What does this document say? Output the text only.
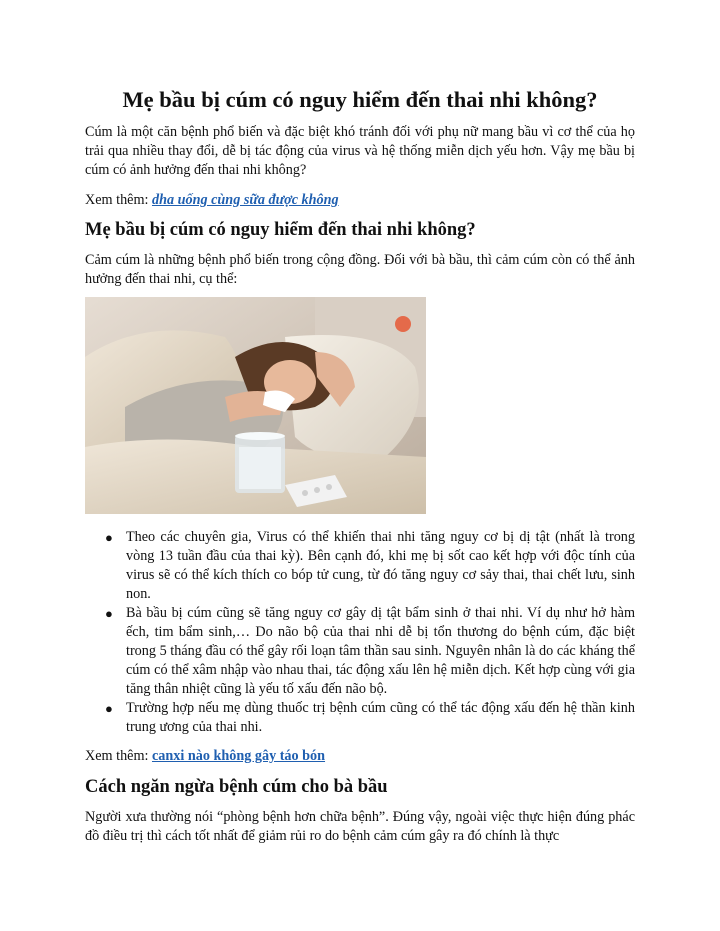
Mẹ bầu bị cúm có nguy hiểm đến thai nhi không?

Cúm là một căn bệnh phổ biến và đặc biệt khó tránh đối với phụ nữ mang bầu vì cơ thể của họ trải qua nhiều thay đổi, dễ bị tác động của virus và hệ thống miễn dịch yếu hơn. Vậy mẹ bầu bị cúm có ảnh hưởng đến thai nhi không?

Xem thêm: dha uống cùng sữa được không

Mẹ bầu bị cúm có nguy hiểm đến thai nhi không?

Cảm cúm là những bệnh phổ biến trong cộng đồng. Đối với bà bầu, thì cảm cúm còn có thể ảnh hưởng đến thai nhi, cụ thể:

● Theo các chuyên gia, Virus có thể khiến thai nhi tăng nguy cơ bị dị tật (nhất là trong vòng 13 tuần đầu của thai kỳ). Bên cạnh đó, khi mẹ bị sốt cao kết hợp với độc tính của virus sẽ có thể kích thích co bóp tử cung, từ đó tăng nguy cơ sảy thai, thai chết lưu, sinh non.
● Bà bầu bị cúm cũng sẽ tăng nguy cơ gây dị tật bẩm sinh ở thai nhi. Ví dụ như hở hàm ếch, tim bẩm sinh,… Do não bộ của thai nhi dễ bị tổn thương do bệnh cúm, đặc biệt trong 5 tháng đầu có thể gây rối loạn tâm thần sau sinh. Nguyên nhân là do các kháng thể cúm có thể xâm nhập vào nhau thai, tác động xấu lên hệ miễn dịch. Kết hợp cùng với gia tăng thân nhiệt cũng là yếu tố xấu đến não bộ.
● Trường hợp nếu mẹ dùng thuốc trị bệnh cúm cũng có thể tác động xấu đến hệ thần kinh trung ương của thai nhi.

Xem thêm: canxi nào không gây táo bón

Cách ngăn ngừa bệnh cúm cho bà bầu

Người xưa thường nói “phòng bệnh hơn chữa bệnh”. Đúng vậy, ngoài việc thực hiện đúng phác đồ điều trị thì cách tốt nhất để giảm rủi ro do bệnh cảm cúm gây ra đó chính là thực
